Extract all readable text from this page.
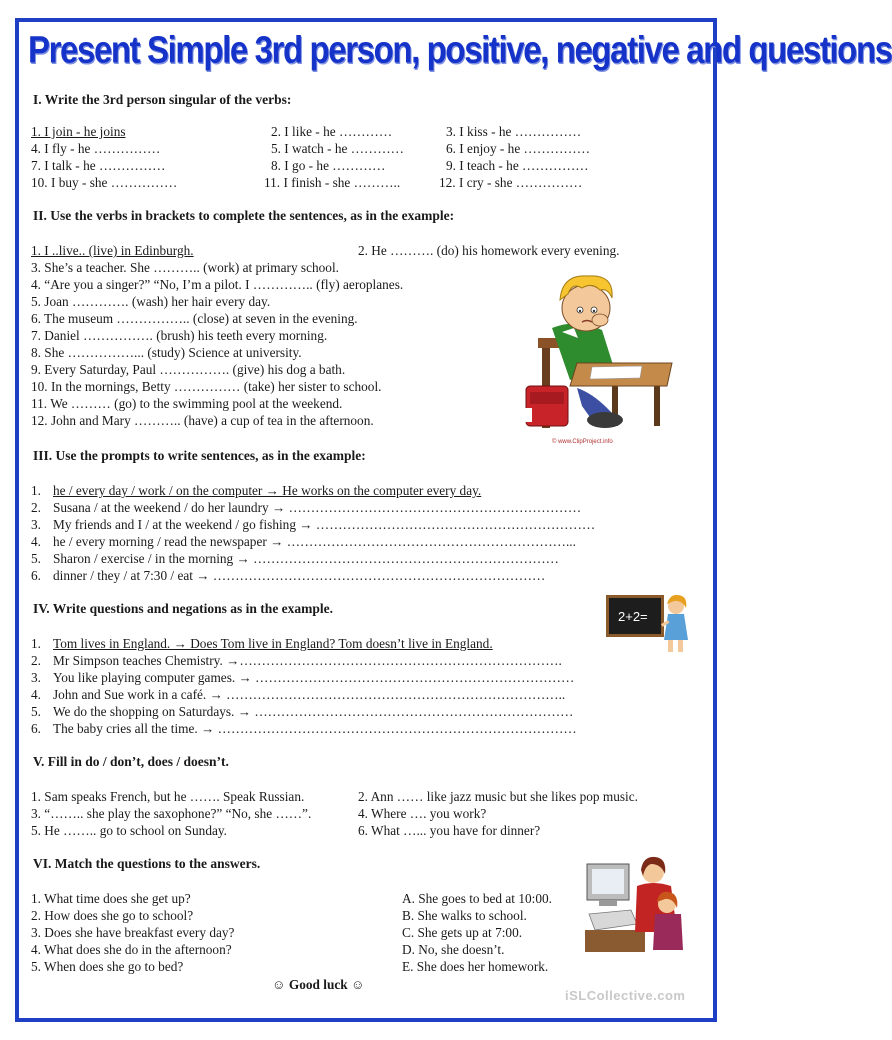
Present Simple 3rd person, positive, negative and questions
I. Write the 3rd person singular of the verbs:
1. I join - he joins	2. I like - he …………	3. I kiss - he ……………
4. I fly - he ……………	5. I watch - he …………	6. I enjoy - he ……………
7. I talk - he ……………	8. I go - he …………	9. I teach - he ……………
10. I buy - she ……………	11. I finish - she ………..	12. I cry - she ……………
II. Use the verbs in brackets to complete the sentences, as in the example:
1. I ..live.. (live) in Edinburgh.	2. He ………. (do) his homework every evening.
3. She’s a teacher. She ……….. (work) at primary school.
4. “Are you a singer?” “No, I’m a pilot. I ………….. (fly) aeroplanes.
5. Joan …………. (wash) her hair every day.
6. The museum …………….. (close) at seven in the evening.
7. Daniel ……………. (brush) his teeth every morning.
8. She ……………... (study) Science at university.
9. Every Saturday, Paul ……………. (give) his dog a bath.
10. In the mornings, Betty …………… (take) her sister to school.
11. We ……… (go) to the swimming pool at the weekend.
12. John and Mary ……….. (have) a cup of tea in the afternoon.
© www.ClipProject.info
III. Use the prompts to write sentences, as in the example:
1. he / every day / work / on the computer → He works on the computer every day.
2. Susana / at the weekend / do her laundry → …………………………………………………………
3. My friends and I / at the weekend / go fishing → ………………………………………………………
4. he / every morning / read the newspaper → ………………………………………………………...
5. Sharon / exercise / in the morning → ……………………………………………………………
6. dinner / they / at 7:30 / eat → …………………………………………………………………
IV. Write questions and negations as in the example.
2+2=
1. Tom lives in England. → Does Tom live in England? Tom doesn’t live in England.
2. Mr Simpson teaches Chemistry. →……………………………………………………………….
3. You like playing computer games. → ………………………………………………………………
4. John and Sue work in a café. → …………………………………………………………………..
5. We do the shopping on Saturdays. → ………………………………………………………………
6. The baby cries all the time. → ………………………………………………………………………
V. Fill in do / don’t, does / doesn’t.
1. Sam speaks French, but he ……. Speak Russian.	2. Ann …… like jazz music but she likes pop music.
3. “…….. she play the saxophone?” “No, she ……”.	4. Where …. you work?
5. He …….. go to school on Sunday.	6. What …... you have for dinner?
VI. Match the questions to the answers.
1. What time does she get up?
2. How does she go to school?
3. Does she have breakfast every day?
4. What does she do in the afternoon?
5. When does she go to bed?
A. She goes to bed at 10:00.
B. She walks to school.
C. She gets up at 7:00.
D. No, she doesn’t.
E. She does her homework.
☺ Good luck ☺
iSLCollective.com
